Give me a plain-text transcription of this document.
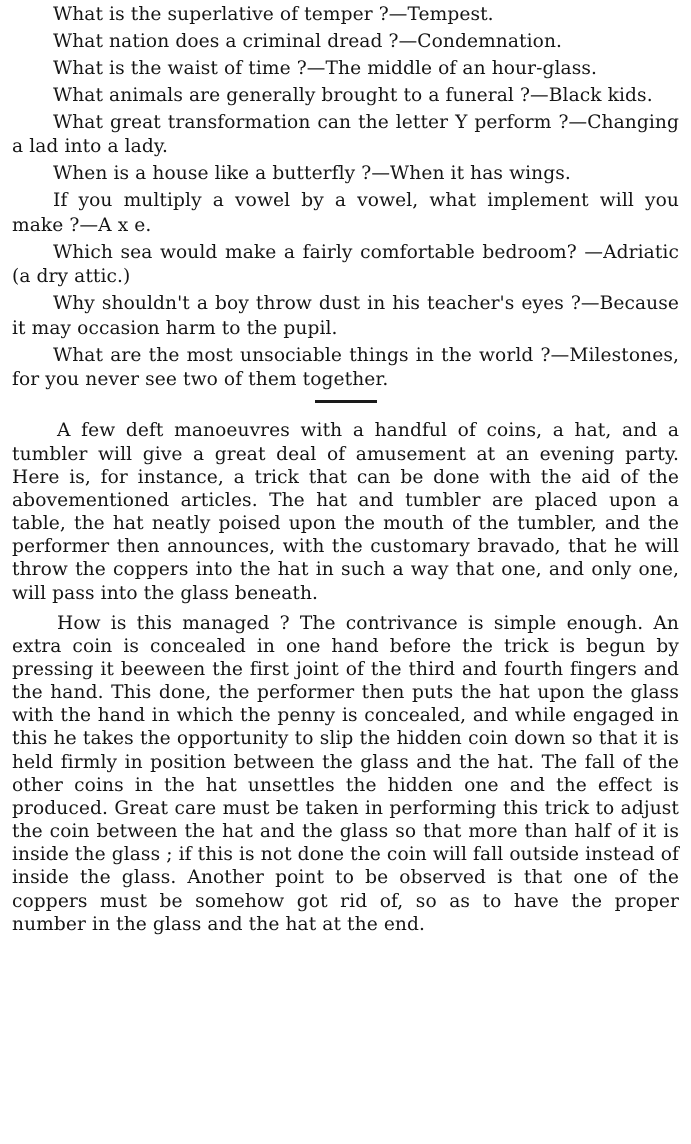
What is the superlative of temper ?—Tempest.

What nation does a criminal dread ?—Condemnation.

What is the waist of time ?—The middle of an hour-glass.

What animals are generally brought to a funeral ?—Black kids.

What great transformation can the letter Y perform ?—Changing a lad into a lady.

When is a house like a butterfly ?—When it has wings.

If you multiply a vowel by a vowel, what implement will you make ?—A x e.

Which sea would make a fairly comfortable bedroom? —Adriatic (a dry attic.)

Why shouldn't a boy throw dust in his teacher's eyes ?—Because it may occasion harm to the pupil.

What are the most unsociable things in the world ?—Milestones, for you never see two of them together.

A few deft manoeuvres with a handful of coins, a hat, and a tumbler will give a great deal of amusement at an evening party. Here is, for instance, a trick that can be done with the aid of the abovementioned articles. The hat and tumbler are placed upon a table, the hat neatly poised upon the mouth of the tumbler, and the performer then announces, with the customary bravado, that he will throw the coppers into the hat in such a way that one, and only one, will pass into the glass beneath.

How is this managed ? The contrivance is simple enough. An extra coin is concealed in one hand before the trick is begun by pressing it beeween the first joint of the third and fourth fingers and the hand. This done, the performer then puts the hat upon the glass with the hand in which the penny is concealed, and while engaged in this he takes the opportunity to slip the hidden coin down so that it is held firmly in position between the glass and the hat. The fall of the other coins in the hat unsettles the hidden one and the effect is produced. Great care must be taken in performing this trick to adjust the coin between the hat and the glass so that more than half of it is inside the glass ; if this is not done the coin will fall outside instead of inside the glass. Another point to be observed is that one of the coppers must be somehow got rid of, so as to have the proper number in the glass and the hat at the end.
